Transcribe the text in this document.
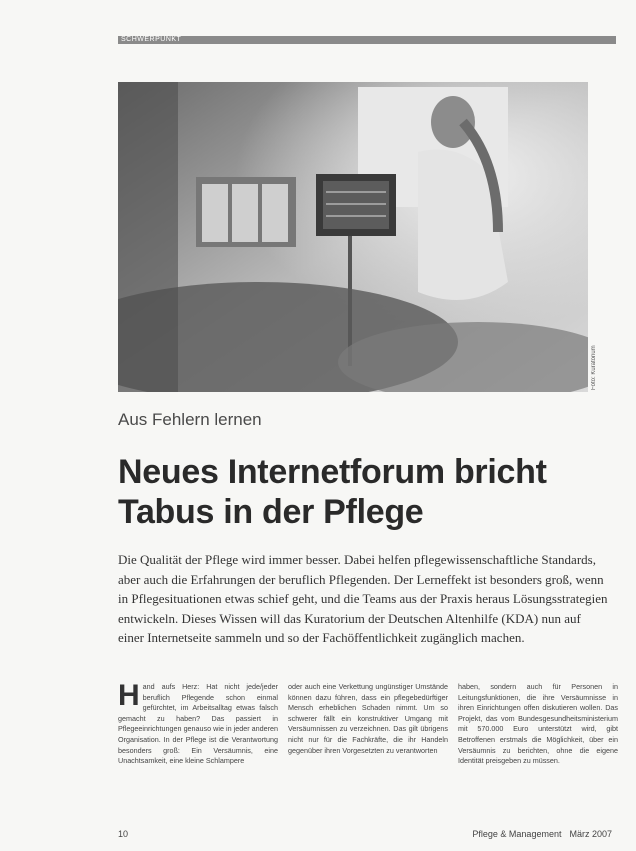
SCHWERPUNKT
Foto: Kuratorium
Aus Fehlern lernen
Neues Internetforum bricht Tabus in der Pflege

Die Qualität der Pflege wird immer besser. Dabei helfen pflegewissenschaftliche Standards, aber auch die Erfahrungen der beruflich Pflegenden. Der Lerneffekt ist besonders groß, wenn in Pflegesituationen etwas schief geht, und die Teams aus der Praxis heraus Lösungsstrategien entwickeln. Dieses Wissen will das Kuratorium der Deutschen Altenhilfe (KDA) nun auf einer Internetseite sammeln und so der Fachöffentlichkeit zugänglich machen.

Hand aufs Herz: Hat nicht jede/jeder beruflich Pflegende schon einmal gefürchtet, im Arbeitsalltag etwas falsch gemacht zu haben? Das passiert in Pflegeeinrichtungen genauso wie in jeder anderen Organisation. In der Pflege ist die Verantwortung besonders groß: Ein Versäumnis, eine Unachtsamkeit, eine kleine Schlampere

oder auch eine Verkettung ungünstiger Umstände können dazu führen, dass ein pflegebedürftiger Mensch erheblichen Schaden nimmt. Um so schwerer fällt ein konstruktiver Umgang mit Versäumnissen zu verzeichnen. Das gilt übrigens nicht nur für die Fachkräfte, die ihr Handeln gegenüber ihren Vorgesetzten zu verantworten

haben, sondern auch für Personen in Leitungsfunktionen, die ihre Versäumnisse in ihren Einrichtungen offen diskutieren wollen. Das Projekt, das vom Bundesgesundheitsministerium mit 570.000 Euro unterstützt wird, gibt Betroffenen erstmals die Möglichkeit, über ein Versäumnis zu berichten, ohne die eigene Identität preisgeben zu müssen.

10	Pflege & Management März 2007
